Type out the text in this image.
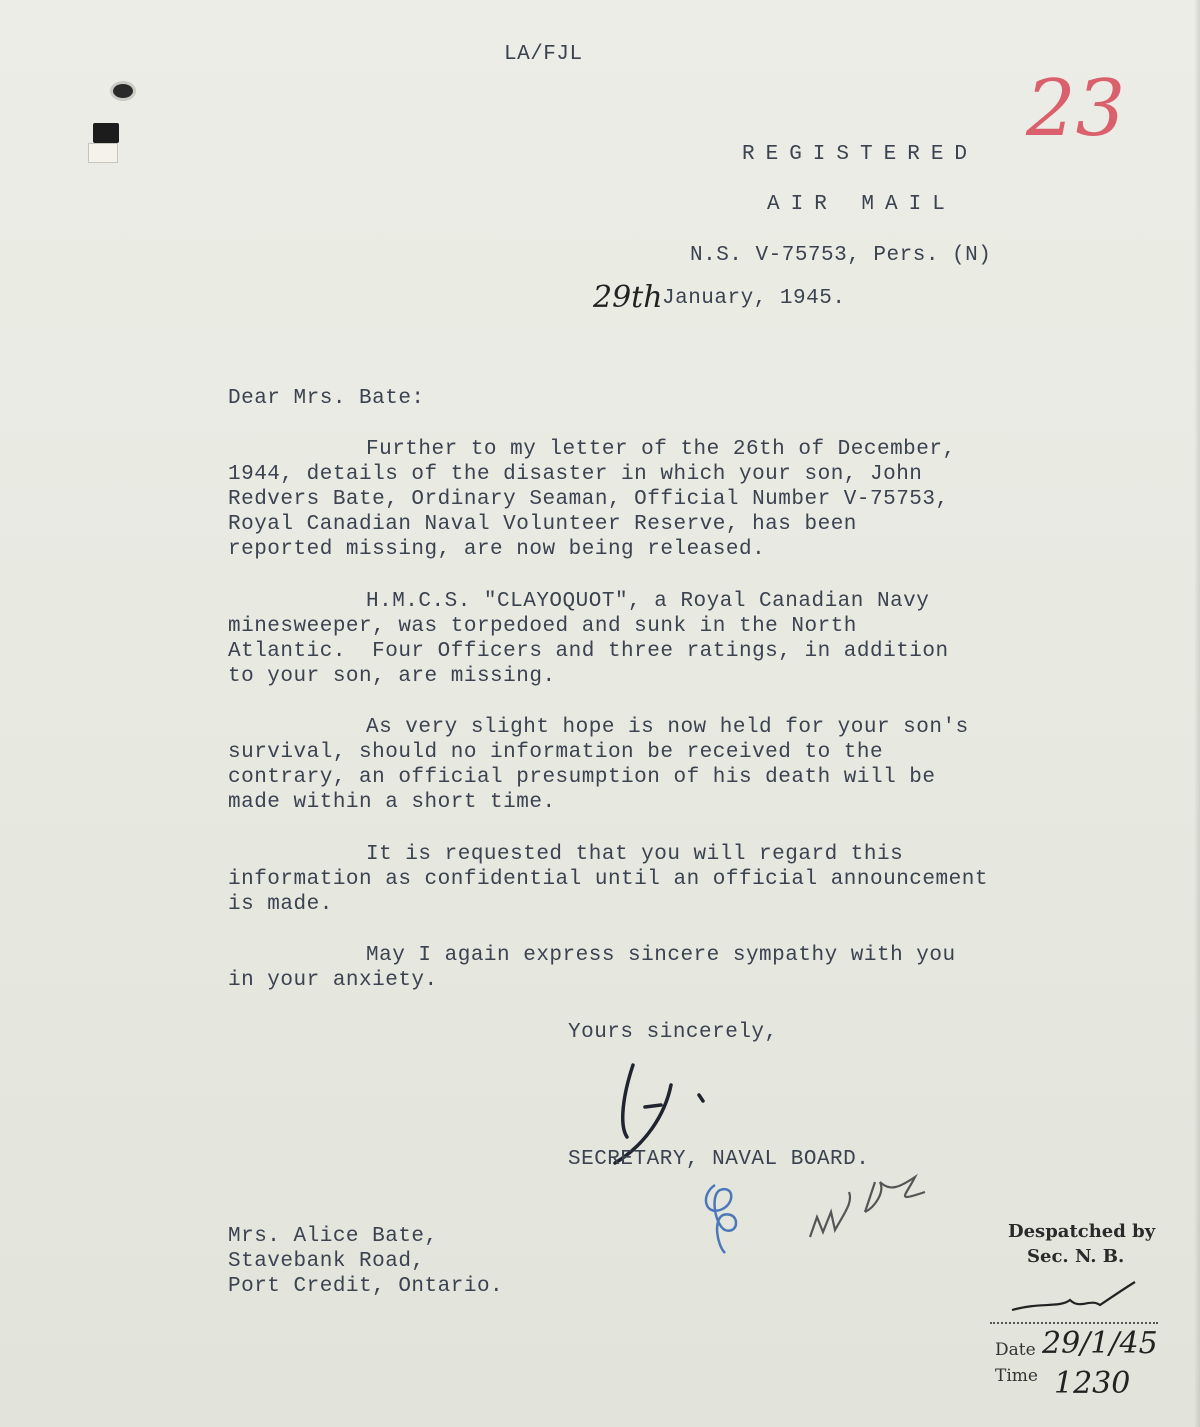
LA/FJL
23
REGISTERED
AIR MAIL
N.S. V-75753, Pers. (N)
29th January, 1945.
Dear Mrs. Bate:
Further to my letter of the 26th of December,
1944, details of the disaster in which your son, John
Redvers Bate, Ordinary Seaman, Official Number V-75753,
Royal Canadian Naval Volunteer Reserve, has been
reported missing, are now being released.
H.M.C.S. "CLAYOQUOT", a Royal Canadian Navy
minesweeper, was torpedoed and sunk in the North
Atlantic.  Four Officers and three ratings, in addition
to your son, are missing.
As very slight hope is now held for your son's
survival, should no information be received to the
contrary, an official presumption of his death will be
made within a short time.
It is requested that you will regard this
information as confidential until an official announcement
is made.
May I again express sincere sympathy with you
in your anxiety.
Yours sincerely,
SECRETARY, NAVAL BOARD.
Mrs. Alice Bate,
Stavebank Road,
Port Credit, Ontario.
Despatched by
Sec. N. B.
Date 29/1/45
Time 1230
